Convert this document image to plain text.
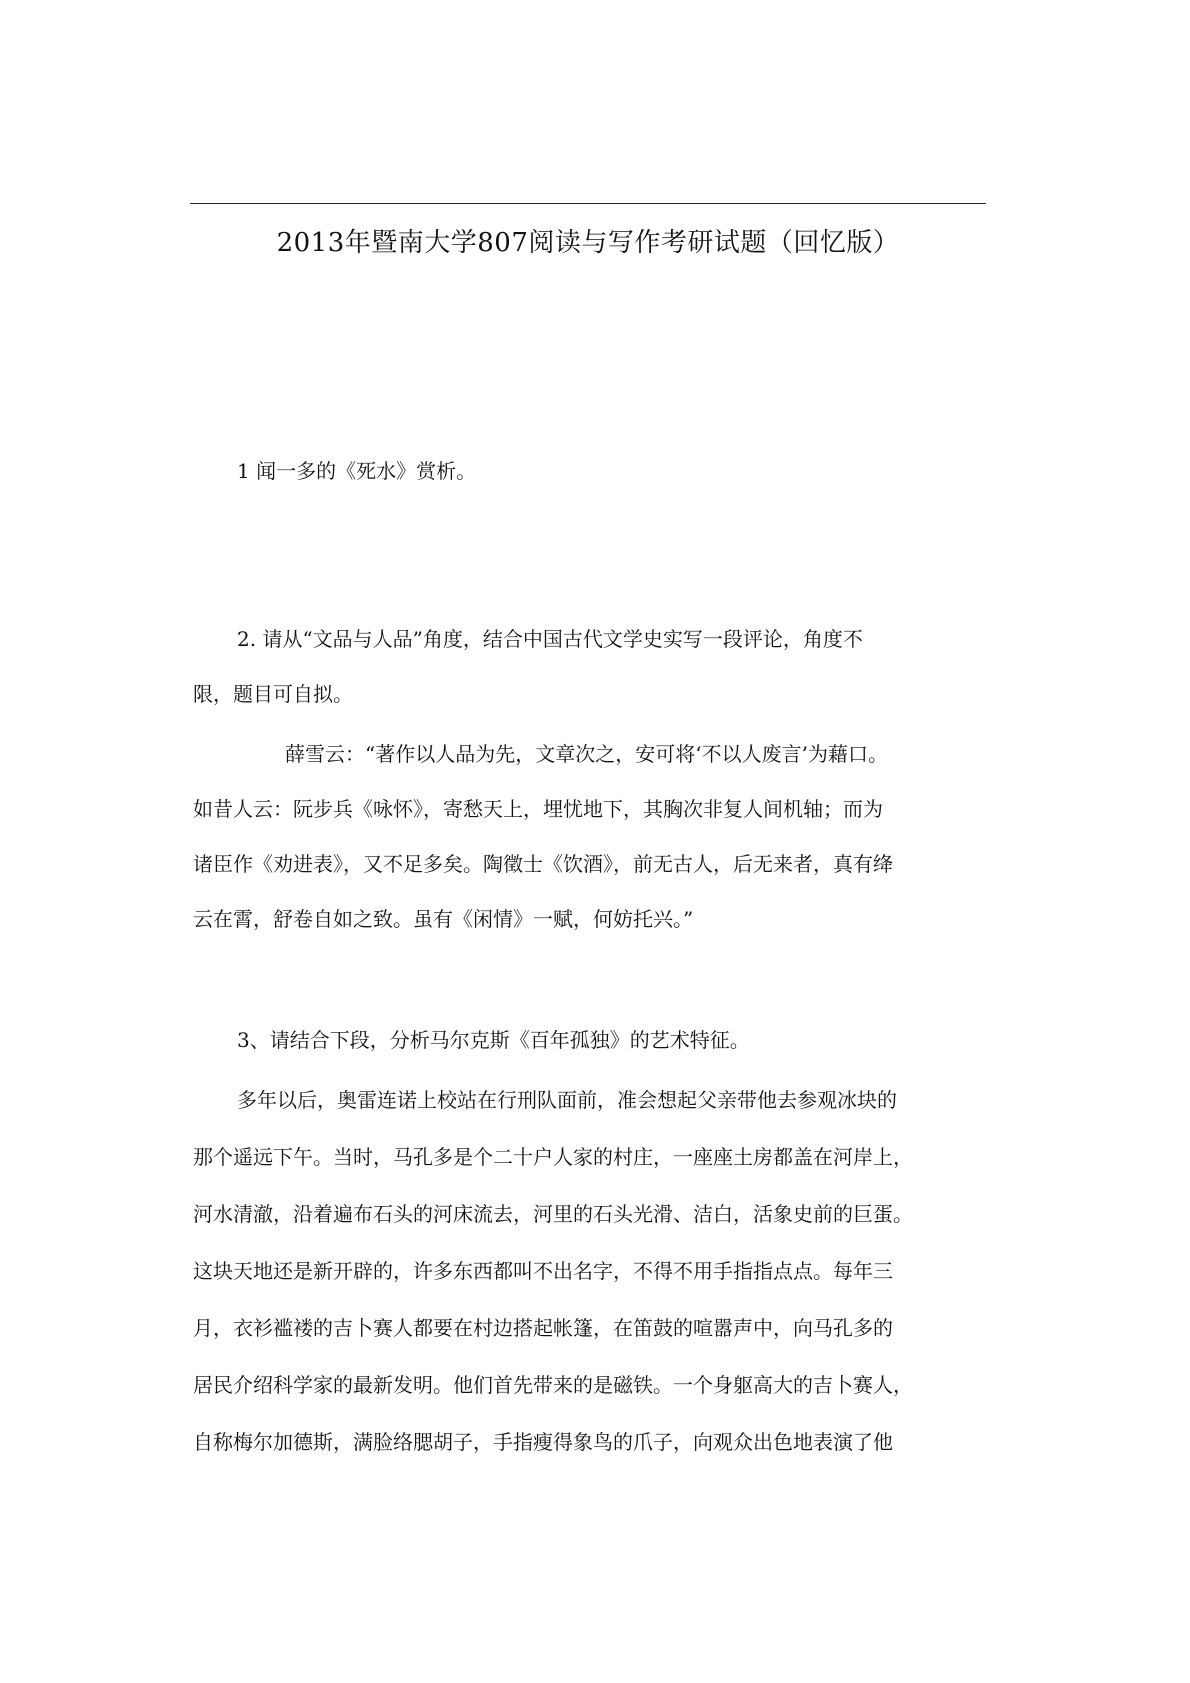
2013年暨南大学807阅读与写作考研试题（回忆版）
1 闻一多的《死水》赏析。
2. 请从“文品与人品”角度，结合中国古代文学史实写一段评论，角度不
限，题目可自拟。
薛雪云：“著作以人品为先，文章次之，安可将‘不以人废言’为藉口。
如昔人云：阮步兵《咏怀》，寄愁天上，埋忧地下，其胸次非复人间机轴；而为
诸臣作《劝进表》，又不足多矣。陶徵士《饮酒》，前无古人，后无来者，真有绛
云在霄，舒卷自如之致。虽有《闲情》一赋，何妨托兴。”
3、请结合下段，分析马尔克斯《百年孤独》的艺术特征。
多年以后，奥雷连诺上校站在行刑队面前，准会想起父亲带他去参观冰块的
那个遥远下午。当时，马孔多是个二十户人家的村庄，一座座土房都盖在河岸上，
河水清澈，沿着遍布石头的河床流去，河里的石头光滑、洁白，活象史前的巨蛋。
这块天地还是新开辟的，许多东西都叫不出名字，不得不用手指指点点。每年三
月，衣衫褴褛的吉卜赛人都要在村边搭起帐篷，在笛鼓的喧嚣声中，向马孔多的
居民介绍科学家的最新发明。他们首先带来的是磁铁。一个身躯高大的吉卜赛人，
自称梅尔加德斯，满脸络腮胡子，手指瘦得象鸟的爪子，向观众出色地表演了他
